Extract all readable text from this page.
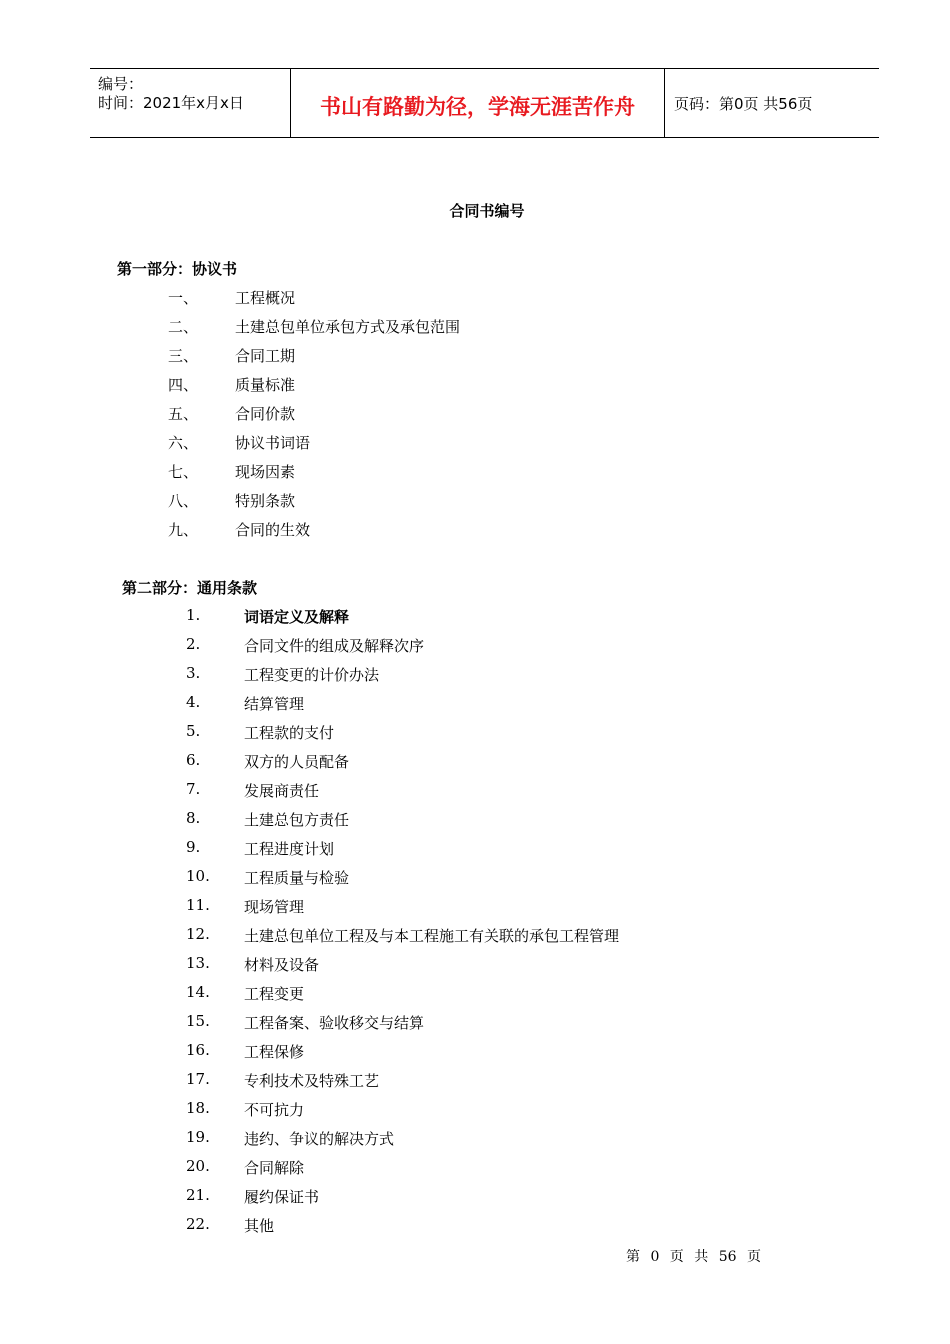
编号：
时间：2021年x月x日	书山有路勤为径，学海无涯苦作舟	页码：第0页 共56页
合同书编号
第一部分：协议书
一、 工程概况
二、 土建总包单位承包方式及承包范围
三、 合同工期
四、 质量标准
五、 合同价款
六、 协议书词语
七、 现场因素
八、 特别条款
九、 合同的生效
第二部分：通用条款
1.	词语定义及解释
2.	合同文件的组成及解释次序
3.	工程变更的计价办法
4.	结算管理
5.	工程款的支付
6.	双方的人员配备
7.	发展商责任
8.	土建总包方责任
9.	工程进度计划
10. 工程质量与检验
11. 现场管理
12. 土建总包单位工程及与本工程施工有关联的承包工程管理
13. 材料及设备
14. 工程变更
15. 工程备案、验收移交与结算
16. 工程保修
17. 专利技术及特殊工艺
18. 不可抗力
19. 违约、争议的解决方式
20. 合同解除
21. 履约保证书
22. 其他
第 0 页 共 56 页
